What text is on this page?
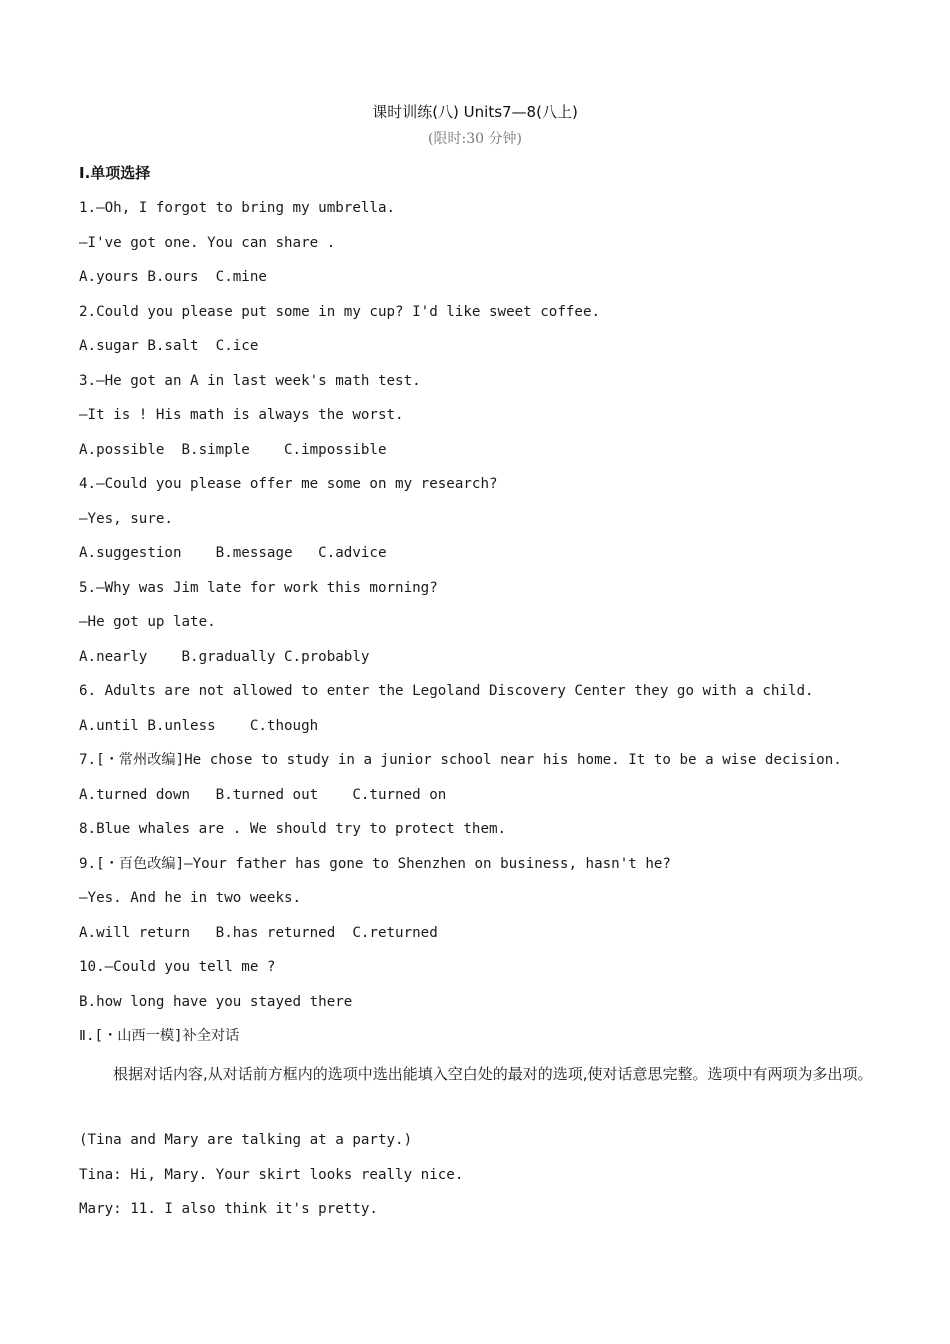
课时训练(八) Units7—8(八上)
(限时:30 分钟)
Ⅰ.单项选择
1.—Oh, I forgot to bring my umbrella.
—I've got one. You can share .
A.yours B.ours  C.mine
2.Could you please put some in my cup? I'd like sweet coffee.
A.sugar B.salt  C.ice
3.—He got an A in last week's math test.
—It is ! His math is always the worst.
A.possible  B.simple    C.impossible
4.—Could you please offer me some on my research?
—Yes, sure.
A.suggestion    B.message   C.advice
5.—Why was Jim late for work this morning?
—He got up late.
A.nearly    B.gradually C.probably
6. Adults are not allowed to enter the Legoland Discovery Center they go with a child.
A.until B.unless    C.though
7.[・常州改编]He chose to study in a junior school near his home. It to be a wise decision.
A.turned down   B.turned out    C.turned on
8.Blue whales are . We should try to protect them.
9.[・百色改编]—Your father has gone to Shenzhen on business, hasn't he?
—Yes. And he in two weeks.
A.will return   B.has returned  C.returned
10.—Could you tell me ?
B.how long have you stayed there
Ⅱ.[・山西一模]补全对话

根据对话内容,从对话前方框内的选项中选出能填入空白处的最对的选项,使对话意思完整。选项中有两项为多出项。

(Tina and Mary are talking at a party.)
Tina: Hi, Mary. Your skirt looks really nice.
Mary: 11. I also think it's pretty.
